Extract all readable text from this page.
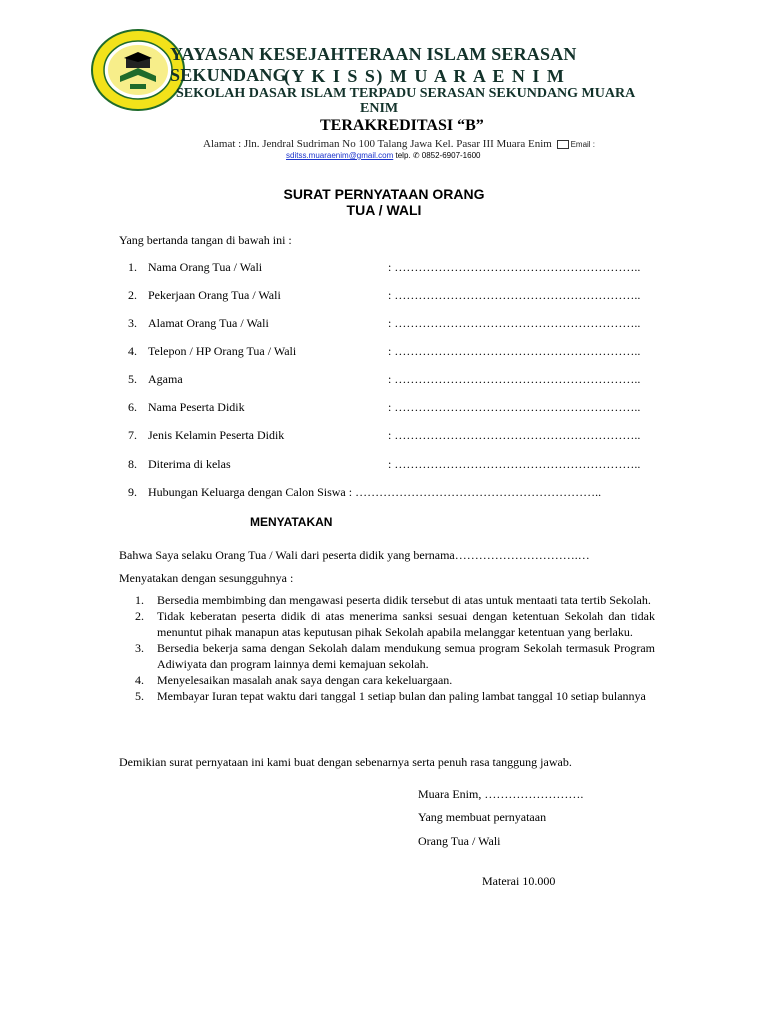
YAYASAN KESEJAHTERAAN ISLAM SERASAN SEKUNDANG
(Y K I S S) M U A R A E N I M
SEKOLAH DASAR ISLAM TERPADU SERASAN SEKUNDANG MUARA
ENIM
TERAKREDITASI “B”
Alamat : Jln. Jendral Sudriman No 100 Talang Jawa Kel. Pasar III Muara Enim Email :
sditss.muaraenim@gmail.com telp. ✆ 0852-6907-1600
SURAT PERNYATAAN ORANG
TUA / WALI
Yang bertanda tangan di bawah ini :
1. Nama Orang Tua / Wali	: ……………………………………………………..
2. Pekerjaan Orang Tua / Wali	: ……………………………………………………..
3. Alamat Orang Tua / Wali	: ……………………………………………………..
4. Telepon / HP Orang Tua / Wali	: ……………………………………………………..
5. Agama	: ……………………………………………………..
6. Nama Peserta Didik	: ……………………………………………………..
7. Jenis Kelamin Peserta Didik	: ……………………………………………………..
8. Diterima di kelas	: ……………………………………………………..
9. Hubungan Keluarga dengan Calon Siswa : ……………………………………………………..
MENYATAKAN
Bahwa Saya selaku Orang Tua / Wali dari peserta didik yang bernama………………………….…
Menyatakan dengan sesungguhnya :
1. Bersedia membimbing dan mengawasi peserta didik tersebut di atas untuk mentaati tata tertib Sekolah.
2. Tidak keberatan peserta didik di atas menerima sanksi sesuai dengan ketentuan Sekolah dan tidak menuntut pihak manapun atas keputusan pihak Sekolah apabila melanggar ketentuan yang berlaku.
3. Bersedia bekerja sama dengan Sekolah dalam mendukung semua program Sekolah termasuk Program Adiwiyata dan program lainnya demi kemajuan sekolah.
4. Menyelesaikan masalah anak saya dengan cara kekeluargaan.
5. Membayar Iuran tepat waktu dari tanggal 1 setiap bulan dan paling lambat tanggal 10 setiap bulannya
Demikian surat pernyataan ini kami buat dengan sebenarnya serta penuh rasa tanggung jawab.
Muara Enim, …………………….
Yang membuat pernyataan
Orang Tua / Wali
Materai 10.000
